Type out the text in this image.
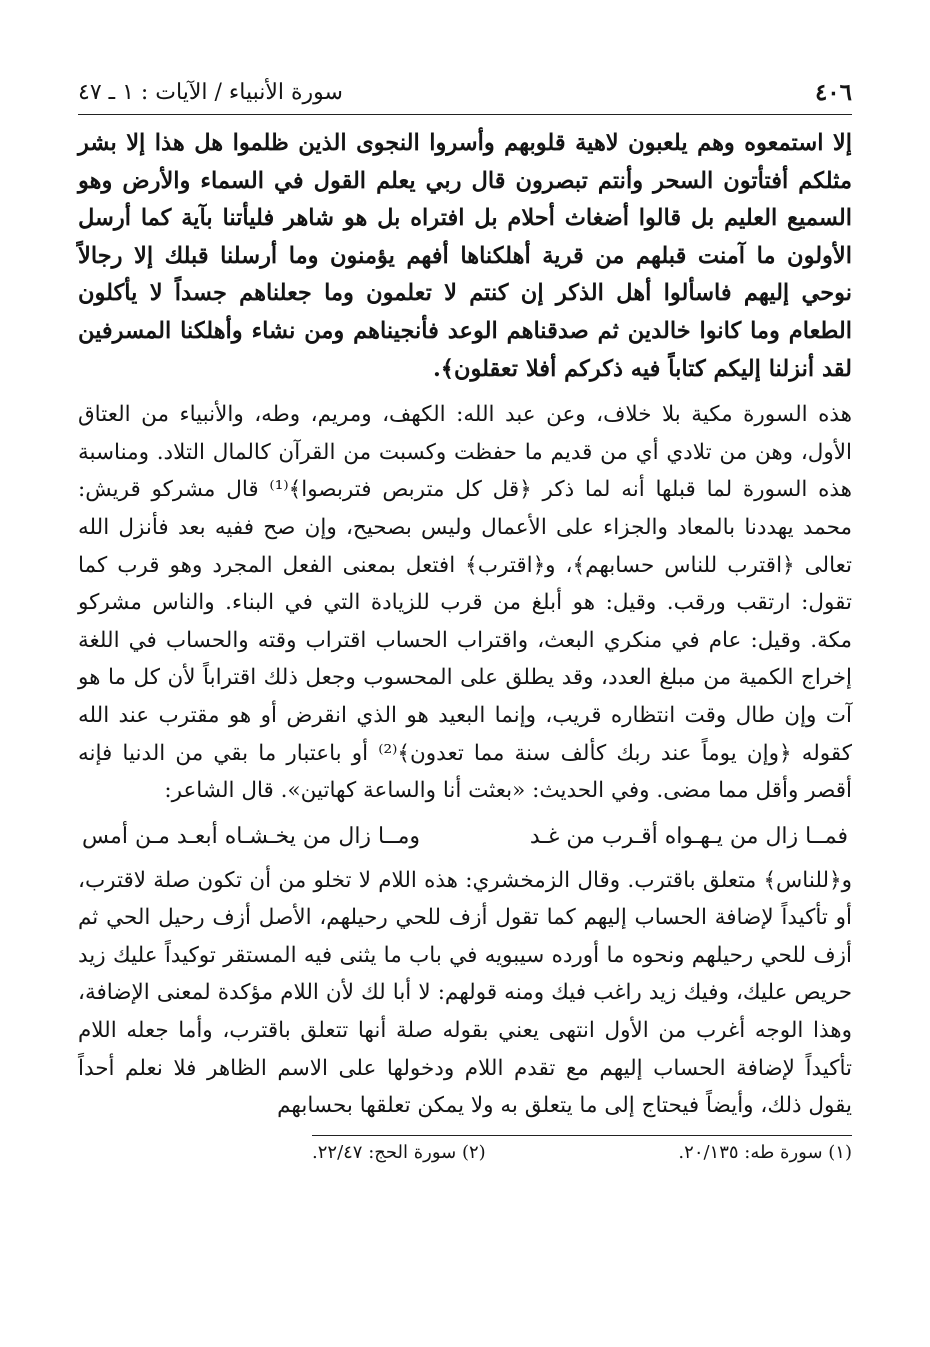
٤٠٦
سورة الأنبياء / الآيات : ١ ـ ٤٧

إلا استمعوه وهم يلعبون لاهية قلوبهم وأسروا النجوى الذين ظلموا هل هذا إلا بشر مثلكم أفتأتون السحر وأنتم تبصرون قال ربي يعلم القول في السماء والأرض وهو السميع العليم بل قالوا أضغاث أحلام بل افتراه بل هو شاهر فليأتنا بآية كما أرسل الأولون ما آمنت قبلهم من قرية أهلكناها أفهم يؤمنون وما أرسلنا قبلك إلا رجالاً نوحي إليهم فاسألوا أهل الذكر إن كنتم لا تعلمون وما جعلناهم جسداً لا يأكلون الطعام وما كانوا خالدين ثم صدقناهم الوعد فأنجيناهم ومن نشاء وأهلكنا المسرفين لقد أنزلنا إليكم كتاباً فيه ذكركم أفلا تعقلون﴾.

هذه السورة مكية بلا خلاف، وعن عبد الله: الكهف، ومريم، وطه، والأنبياء من العتاق الأول، وهن من تلادي أي من قديم ما حفظت وكسبت من القرآن كالمال التلاد. ومناسبة هذه السورة لما قبلها أنه لما ذكر ﴿قل كل متربص فتربصوا﴾⁽¹⁾ قال مشركو قريش: محمد يهددنا بالمعاد والجزاء على الأعمال وليس بصحيح، وإن صح ففيه بعد فأنزل الله تعالى ﴿اقترب للناس حسابهم﴾، و﴿اقترب﴾ افتعل بمعنى الفعل المجرد وهو قرب كما تقول: ارتقب ورقب. وقيل: هو أبلغ من قرب للزيادة التي في البناء. والناس مشركو مكة. وقيل: عام في منكري البعث، واقتراب الحساب اقتراب وقته والحساب في اللغة إخراج الكمية من مبلغ العدد، وقد يطلق على المحسوب وجعل ذلك اقتراباً لأن كل ما هو آت وإن طال وقت انتظاره قريب، وإنما البعيد هو الذي انقرض أو هو مقترب عند الله كقوله ﴿وإن يوماً عند ربك كألف سنة مما تعدون﴾⁽²⁾ أو باعتبار ما بقي من الدنيا فإنه أقصر وأقل مما مضى. وفي الحديث: «بعثت أنا والساعة كهاتين». قال الشاعر:

فمــا زال من يـهـواه أقـرب من غـد
ومــا زال من يخـشـاه أبعـد مـن أمس

و﴿للناس﴾ متعلق باقترب. وقال الزمخشري: هذه اللام لا تخلو من أن تكون صلة لاقترب، أو تأكيداً لإضافة الحساب إليهم كما تقول أزف للحي رحيلهم، الأصل أزف رحيل الحي ثم أزف للحي رحيلهم ونحوه ما أورده سيبويه في باب ما يثنى فيه المستقر توكيداً عليك زيد حريص عليك، وفيك زيد راغب فيك ومنه قولهم: لا أبا لك لأن اللام مؤكدة لمعنى الإضافة، وهذا الوجه أغرب من الأول انتهى يعني بقوله صلة أنها تتعلق باقترب، وأما جعله اللام تأكيداً لإضافة الحساب إليهم مع تقدم اللام ودخولها على الاسم الظاهر فلا نعلم أحداً يقول ذلك، وأيضاً فيحتاج إلى ما يتعلق به ولا يمكن تعلقها بحسابهم

(١) سورة طه: ٢٠/١٣٥.
(٢) سورة الحج: ٢٢/٤٧.
